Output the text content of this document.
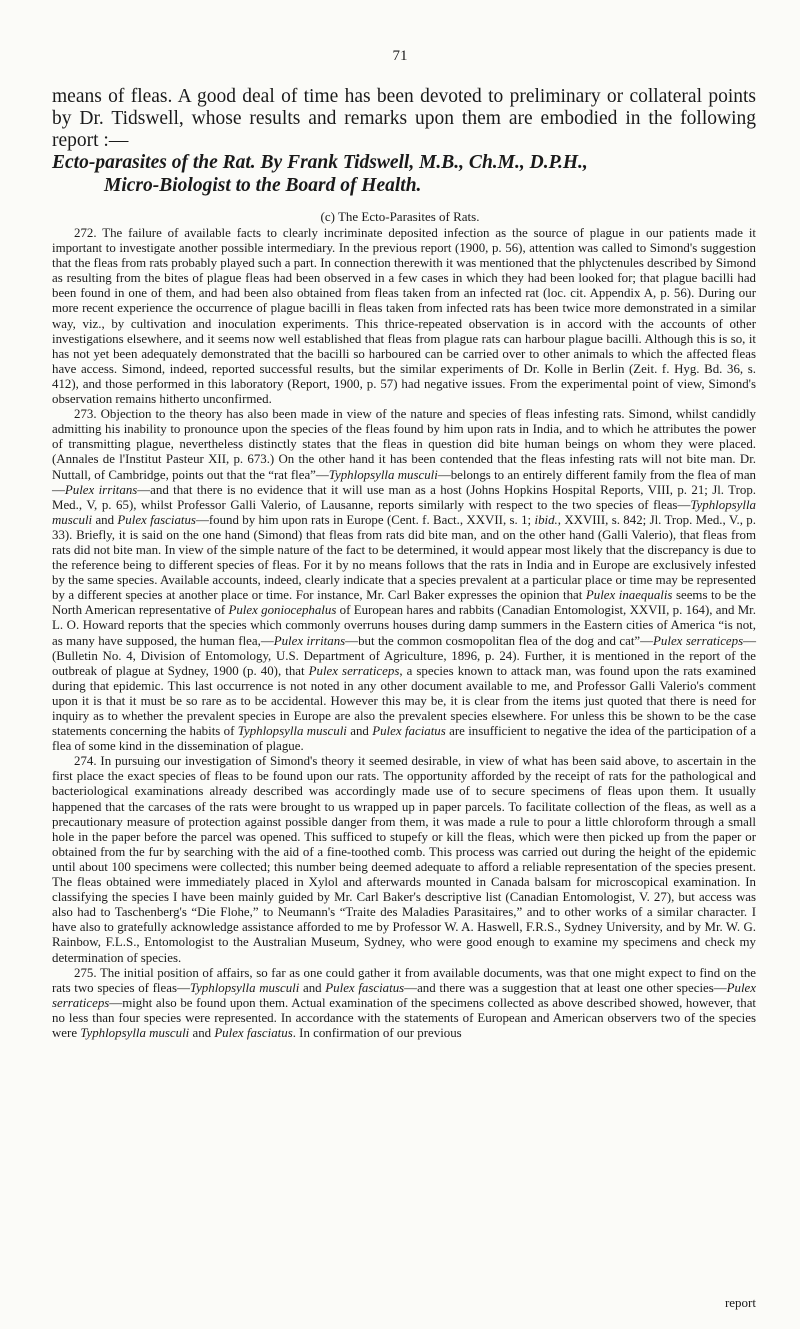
71

means of fleas. A good deal of time has been devoted to preliminary or collateral points by Dr. Tidswell, whose results and remarks upon them are embodied in the following report :—

Ecto-parasites of the Rat. By Frank Tidswell, M.B., Ch.M., D.P.H.,
Micro-Biologist to the Board of Health.
(c) The Ecto-Parasites of Rats.

272. The failure of available facts to clearly incriminate deposited infection as the source of plague in our patients made it important to investigate another possible intermediary. In the previous report (1900, p. 56), attention was called to Simond's suggestion that the fleas from rats probably played such a part. In connection therewith it was mentioned that the phlyctenules described by Simond as resulting from the bites of plague fleas had been observed in a few cases in which they had been looked for; that plague bacilli had been found in one of them, and had been also obtained from fleas taken from an infected rat (loc. cit. Appendix A, p. 56). During our more recent experience the occurrence of plague bacilli in fleas taken from infected rats has been twice more demonstrated in a similar way, viz., by cultivation and inoculation experiments. This thrice-repeated observation is in accord with the accounts of other investigations elsewhere, and it seems now well established that fleas from plague rats can harbour plague bacilli. Although this is so, it has not yet been adequately demonstrated that the bacilli so harboured can be carried over to other animals to which the affected fleas have access. Simond, indeed, reported successful results, but the similar experiments of Dr. Kolle in Berlin (Zeit. f. Hyg. Bd. 36, s. 412), and those performed in this laboratory (Report, 1900, p. 57) had negative issues. From the experimental point of view, Simond's observation remains hitherto unconfirmed.

273. Objection to the theory has also been made in view of the nature and species of fleas infesting rats. Simond, whilst candidly admitting his inability to pronounce upon the species of the fleas found by him upon rats in India, and to which he attributes the power of transmitting plague, nevertheless distinctly states that the fleas in question did bite human beings on whom they were placed. (Annales de l'Institut Pasteur XII, p. 673.) On the other hand it has been contended that the fleas infesting rats will not bite man. Dr. Nuttall, of Cambridge, points out that the “rat flea”—Typhlopsylla musculi—belongs to an entirely different family from the flea of man—Pulex irritans—and that there is no evidence that it will use man as a host (Johns Hopkins Hospital Reports, VIII, p. 21; Jl. Trop. Med., V, p. 65), whilst Professor Galli Valerio, of Lausanne, reports similarly with respect to the two species of fleas—Typhlopsylla musculi and Pulex fasciatus—found by him upon rats in Europe (Cent. f. Bact., XXVII, s. 1; ibid., XXVIII, s. 842; Jl. Trop. Med., V., p. 33). Briefly, it is said on the one hand (Simond) that fleas from rats did bite man, and on the other hand (Galli Valerio), that fleas from rats did not bite man. In view of the simple nature of the fact to be determined, it would appear most likely that the discrepancy is due to the reference being to different species of fleas. For it by no means follows that the rats in India and in Europe are exclusively infested by the same species. Available accounts, indeed, clearly indicate that a species prevalent at a particular place or time may be represented by a different species at another place or time. For instance, Mr. Carl Baker expresses the opinion that Pulex inaequalis seems to be the North American representative of Pulex goniocephalus of European hares and rabbits (Canadian Entomologist, XXVII, p. 164), and Mr. L. O. Howard reports that the species which commonly overruns houses during damp summers in the Eastern cities of America “is not, as many have supposed, the human flea,—Pulex irritans—but the common cosmopolitan flea of the dog and cat”—Pulex serraticeps— (Bulletin No. 4, Division of Entomology, U.S. Department of Agriculture, 1896, p. 24). Further, it is mentioned in the report of the outbreak of plague at Sydney, 1900 (p. 40), that Pulex serraticeps, a species known to attack man, was found upon the rats examined during that epidemic. This last occurrence is not noted in any other document available to me, and Professor Galli Valerio's comment upon it is that it must be so rare as to be accidental. However this may be, it is clear from the items just quoted that there is need for inquiry as to whether the prevalent species in Europe are also the prevalent species elsewhere. For unless this be shown to be the case statements concerning the habits of Typhlopsylla musculi and Pulex faciatus are insufficient to negative the idea of the participation of a flea of some kind in the dissemination of plague.

274. In pursuing our investigation of Simond's theory it seemed desirable, in view of what has been said above, to ascertain in the first place the exact species of fleas to be found upon our rats. The opportunity afforded by the receipt of rats for the pathological and bacteriological examinations already described was accordingly made use of to secure specimens of fleas upon them. It usually happened that the carcases of the rats were brought to us wrapped up in paper parcels. To facilitate collection of the fleas, as well as a precautionary measure of protection against possible danger from them, it was made a rule to pour a little chloroform through a small hole in the paper before the parcel was opened. This sufficed to stupefy or kill the fleas, which were then picked up from the paper or obtained from the fur by searching with the aid of a fine-toothed comb. This process was carried out during the height of the epidemic until about 100 specimens were collected; this number being deemed adequate to afford a reliable representation of the species present. The fleas obtained were immediately placed in Xylol and afterwards mounted in Canada balsam for microscopical examination. In classifying the species I have been mainly guided by Mr. Carl Baker's descriptive list (Canadian Entomologist, V. 27), but access was also had to Taschenberg's “Die Flohe,” to Neumann's “Traite des Maladies Parasitaires,” and to other works of a similar character. I have also to gratefully acknowledge assistance afforded to me by Professor W. A. Haswell, F.R.S., Sydney University, and by Mr. W. G. Rainbow, F.L.S., Entomologist to the Australian Museum, Sydney, who were good enough to examine my specimens and check my determination of species.

275. The initial position of affairs, so far as one could gather it from available documents, was that one might expect to find on the rats two species of fleas—Typhlopsylla musculi and Pulex fasciatus—and there was a suggestion that at least one other species—Pulex serraticeps—might also be found upon them. Actual examination of the specimens collected as above described showed, however, that no less than four species were represented. In accordance with the statements of European and American observers two of the species were Typhlopsylla musculi and Pulex fasciatus. In confirmation of our previous

report
